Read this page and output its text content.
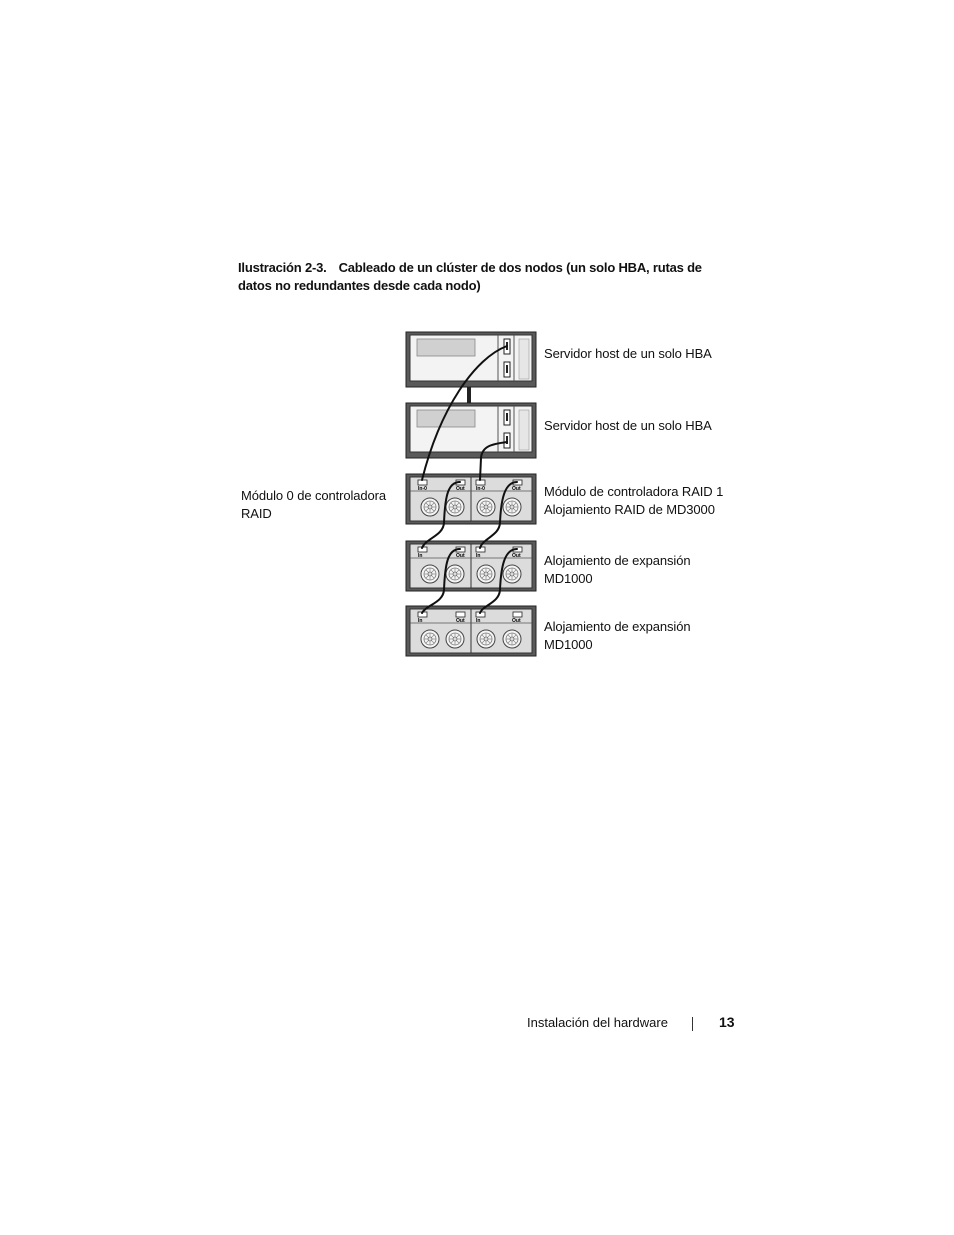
Ilustración 2-3. Cableado de un clúster de dos nodos (un solo HBA, rutas de datos no redundantes desde cada nodo)
Servidor host de un solo HBA
Servidor host de un solo HBA
Módulo 0 de controladora
RAID
Módulo de controladora RAID 1
Alojamiento RAID de MD3000
Alojamiento de expansión
MD1000
Alojamiento de expansión
MD1000
In-0	Out In-0	Out
In	Out In	Out
In	Out In	Out
Instalación del hardware	13
